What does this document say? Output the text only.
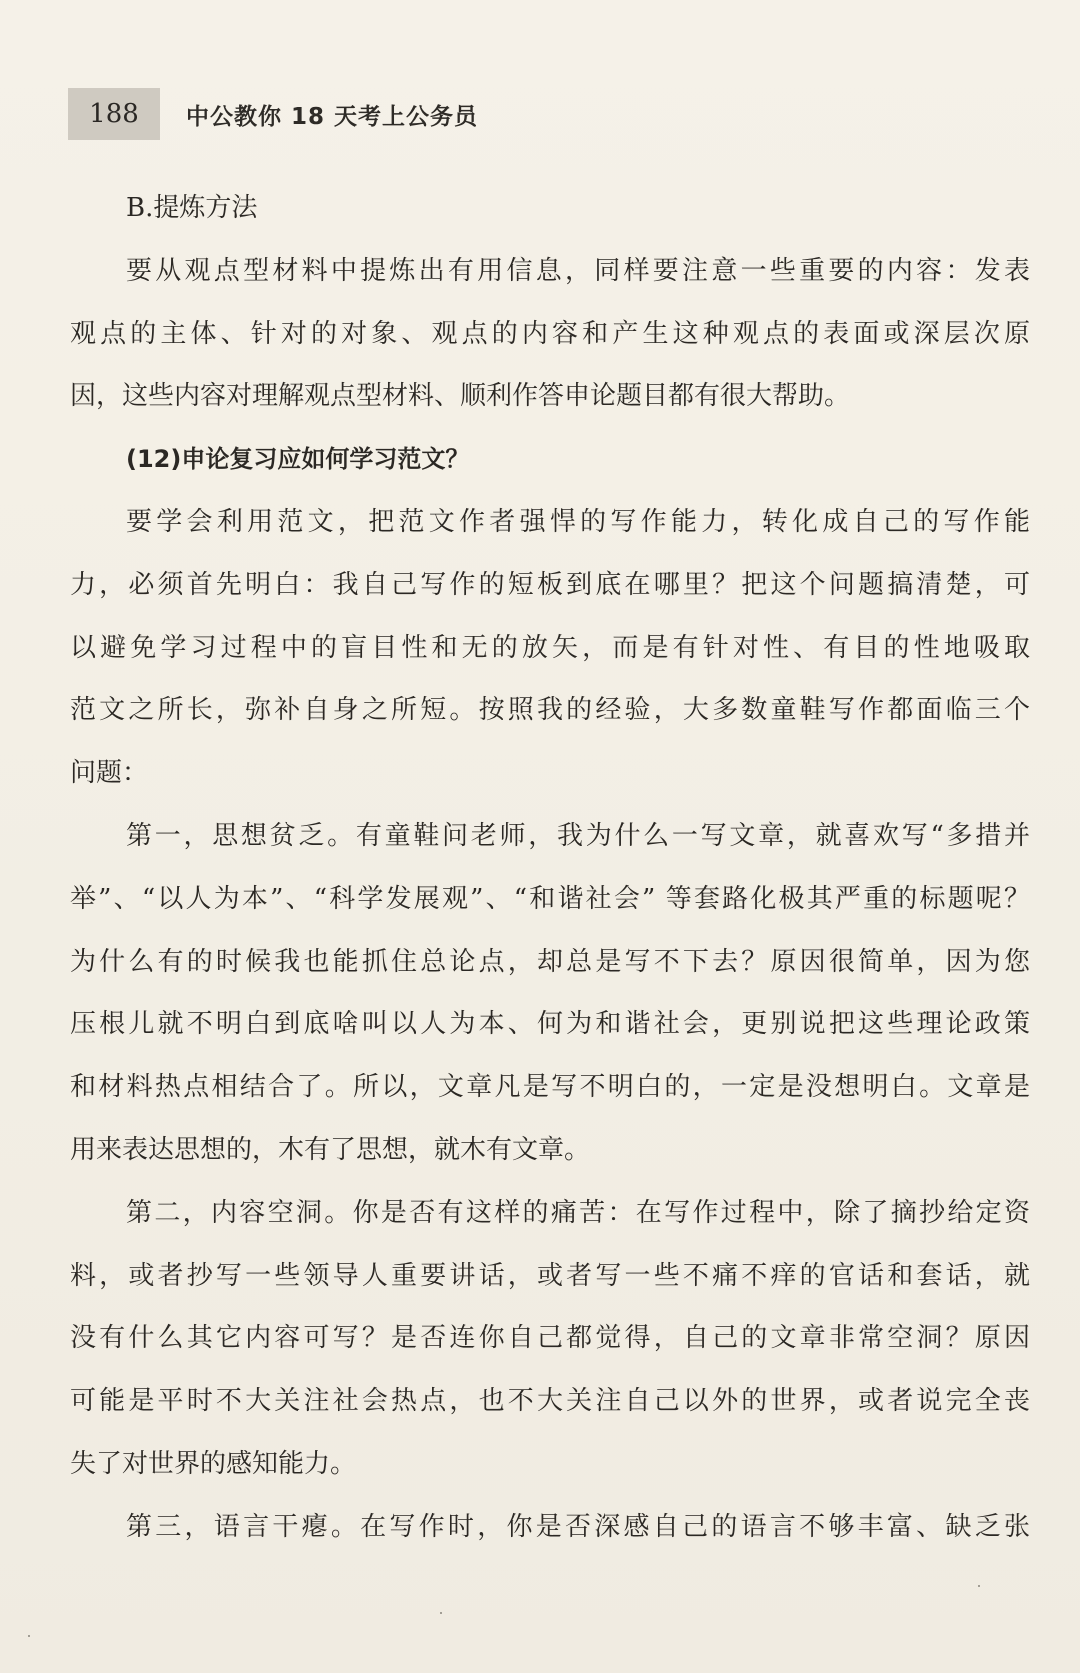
188	中公教你 18 天考上公务员
B.提炼方法
要从观点型材料中提炼出有用信息，同样要注意一些重要的内容：发表
观点的主体、针对的对象、观点的内容和产生这种观点的表面或深层次原
因，这些内容对理解观点型材料、顺利作答申论题目都有很大帮助。
(12)申论复习应如何学习范文？
要学会利用范文，把范文作者强悍的写作能力，转化成自己的写作能
力，必须首先明白：我自己写作的短板到底在哪里？把这个问题搞清楚，可
以避免学习过程中的盲目性和无的放矢，而是有针对性、有目的性地吸取
范文之所长，弥补自身之所短。按照我的经验，大多数童鞋写作都面临三个
问题：
第一，思想贫乏。有童鞋问老师，我为什么一写文章，就喜欢写“多措并
举”、“以人为本”、“科学发展观”、“和谐社会” 等套路化极其严重的标题呢？
为什么有的时候我也能抓住总论点，却总是写不下去？原因很简单，因为您
压根儿就不明白到底啥叫以人为本、何为和谐社会，更别说把这些理论政策
和材料热点相结合了。所以，文章凡是写不明白的，一定是没想明白。文章是
用来表达思想的，木有了思想，就木有文章。
第二，内容空洞。你是否有这样的痛苦：在写作过程中，除了摘抄给定资
料，或者抄写一些领导人重要讲话，或者写一些不痛不痒的官话和套话，就
没有什么其它内容可写？是否连你自己都觉得，自己的文章非常空洞？原因
可能是平时不大关注社会热点，也不大关注自己以外的世界，或者说完全丧
失了对世界的感知能力。
第三，语言干瘪。在写作时，你是否深感自己的语言不够丰富、缺乏张
